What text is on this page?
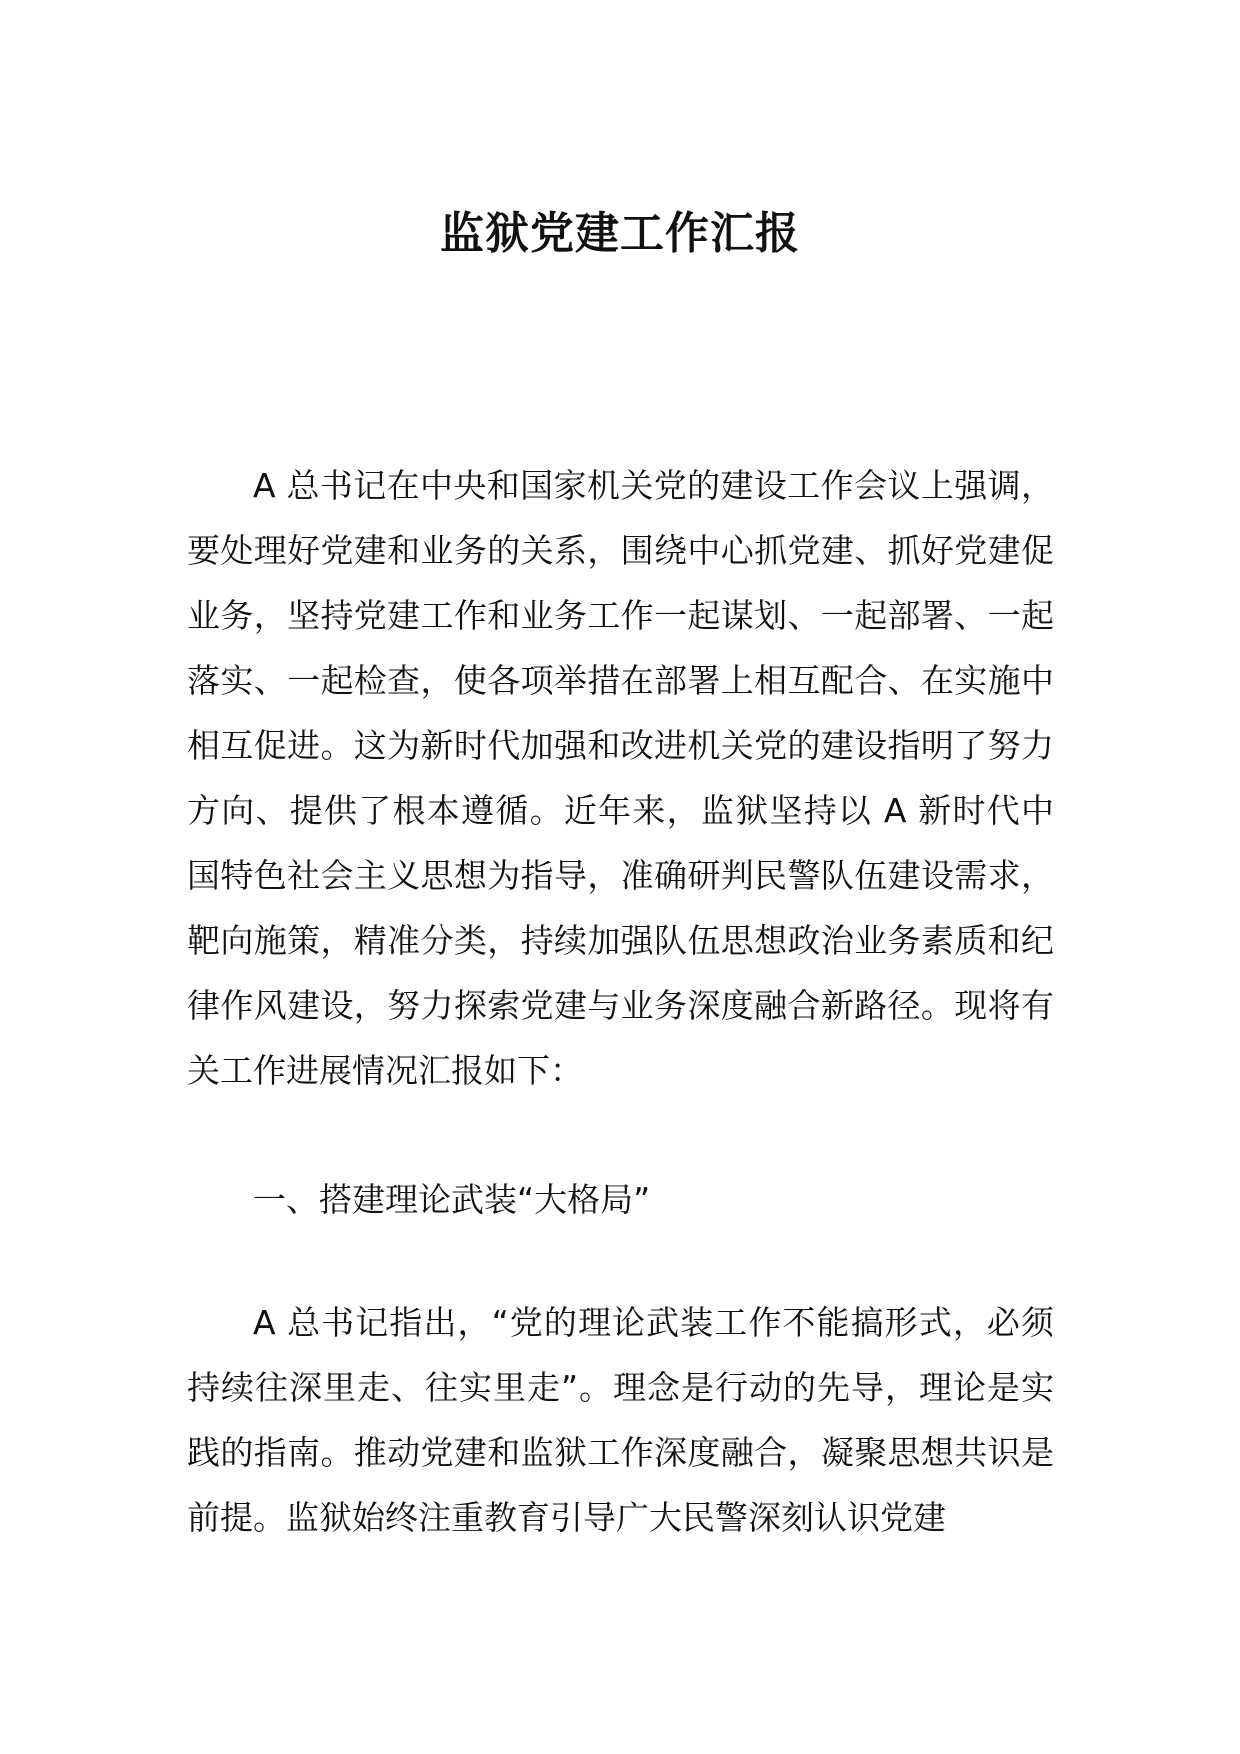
监狱党建工作汇报

A 总书记在中央和国家机关党的建设工作会议上强调，要处理好党建和业务的关系，围绕中心抓党建、抓好党建促业务，坚持党建工作和业务工作一起谋划、一起部署、一起落实、一起检查，使各项举措在部署上相互配合、在实施中相互促进。这为新时代加强和改进机关党的建设指明了努力方向、提供了根本遵循。近年来，监狱坚持以 A 新时代中国特色社会主义思想为指导，准确研判民警队伍建设需求，靶向施策，精准分类，持续加强队伍思想政治业务素质和纪律作风建设，努力探索党建与业务深度融合新路径。现将有关工作进展情况汇报如下：

一、搭建理论武装“大格局”

A 总书记指出，“党的理论武装工作不能搞形式，必须持续往深里走、往实里走”。理念是行动的先导，理论是实践的指南。推动党建和监狱工作深度融合，凝聚思想共识是前提。监狱始终注重教育引导广大民警深刻认识党建
